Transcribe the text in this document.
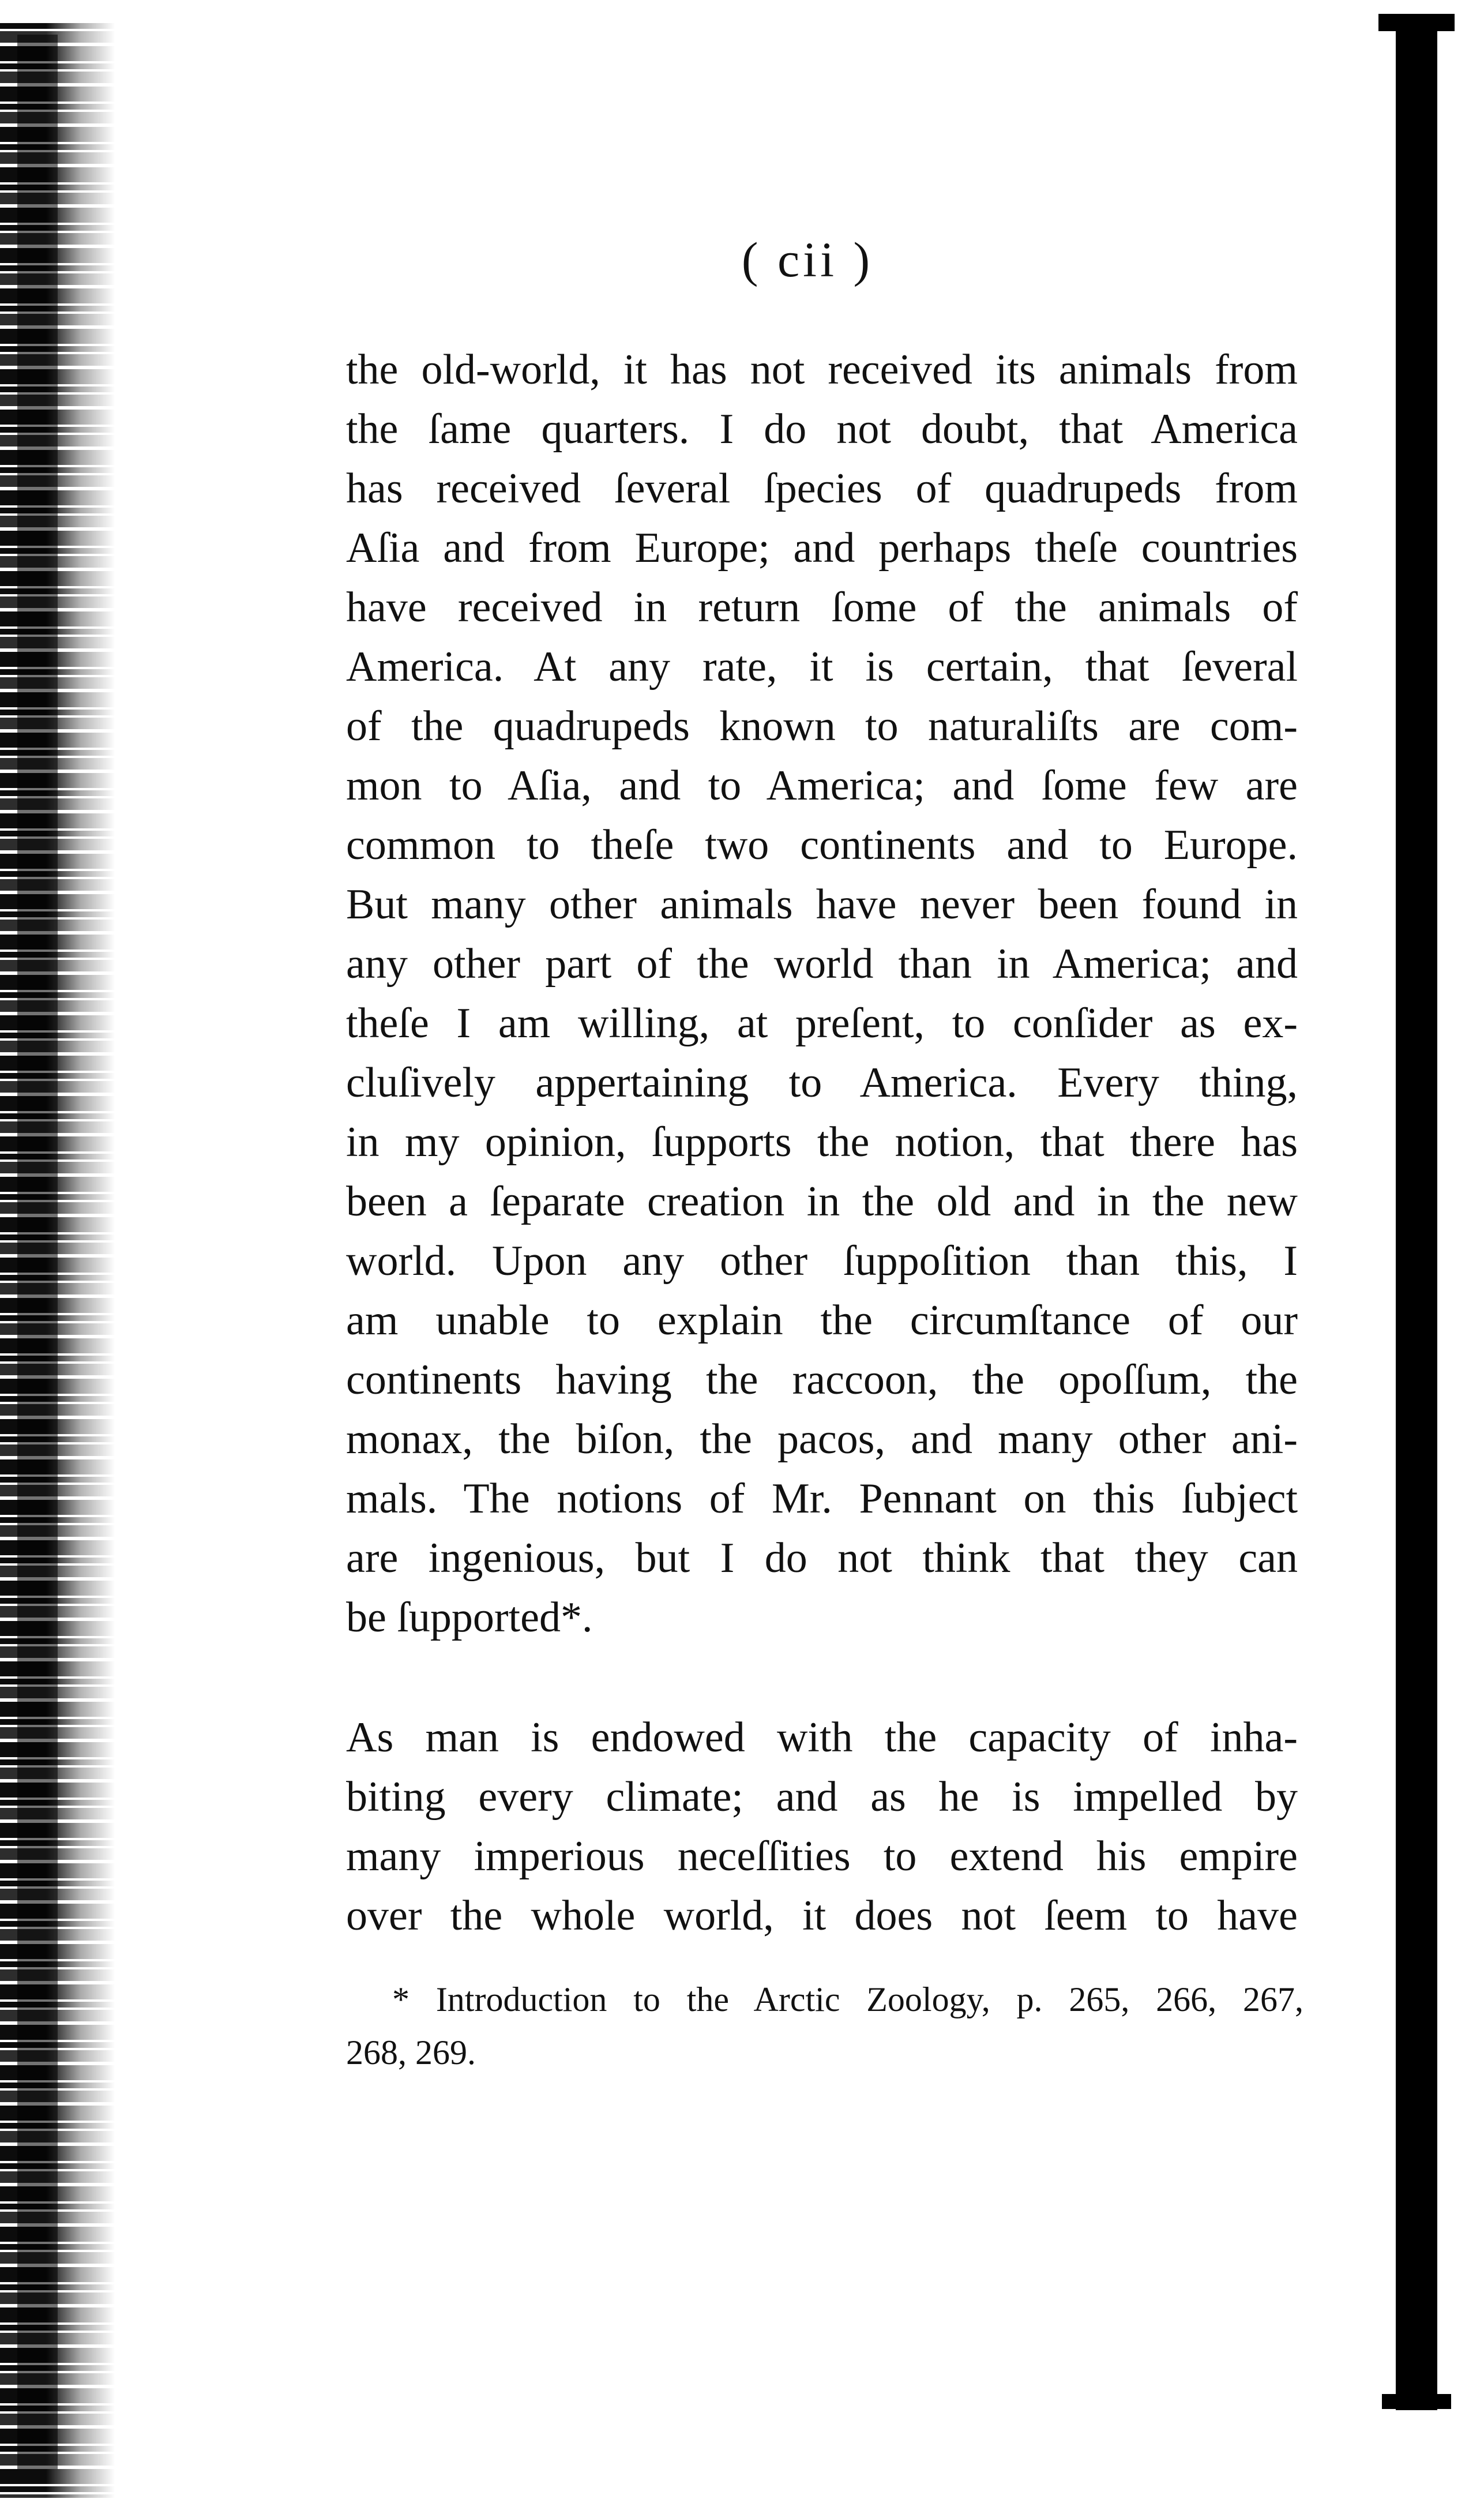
( cii )
the old-world, it has not received its animals from
the ſame quarters. I do not doubt, that America
has received ſeveral ſpecies of quadrupeds from
Aſia and from Europe; and perhaps theſe countries
have received in return ſome of the animals of
America. At any rate, it is certain, that ſeveral
of the quadrupeds known to naturaliſts are com-
mon to Aſia, and to America; and ſome few are
common to theſe two continents and to Europe.
But many other animals have never been found in
any other part of the world than in America; and
theſe I am willing, at preſent, to conſider as ex-
cluſively appertaining to America. Every thing,
in my opinion, ſupports the notion, that there has
been a ſeparate creation in the old and in the new
world. Upon any other ſuppoſition than this, I
am unable to explain the circumſtance of our
continents having the raccoon, the opoſſum, the
monax, the biſon, the pacos, and many other ani-
mals. The notions of Mr. Pennant on this ſubject
are ingenious, but I do not think that they can
be ſupported*.
As man is endowed with the capacity of inha-
biting every climate; and as he is impelled by
many imperious neceſſities to extend his empire
over the whole world, it does not ſeem to have
* Introduction to the Arctic Zoology, p. 265, 266, 267,
268, 269.
